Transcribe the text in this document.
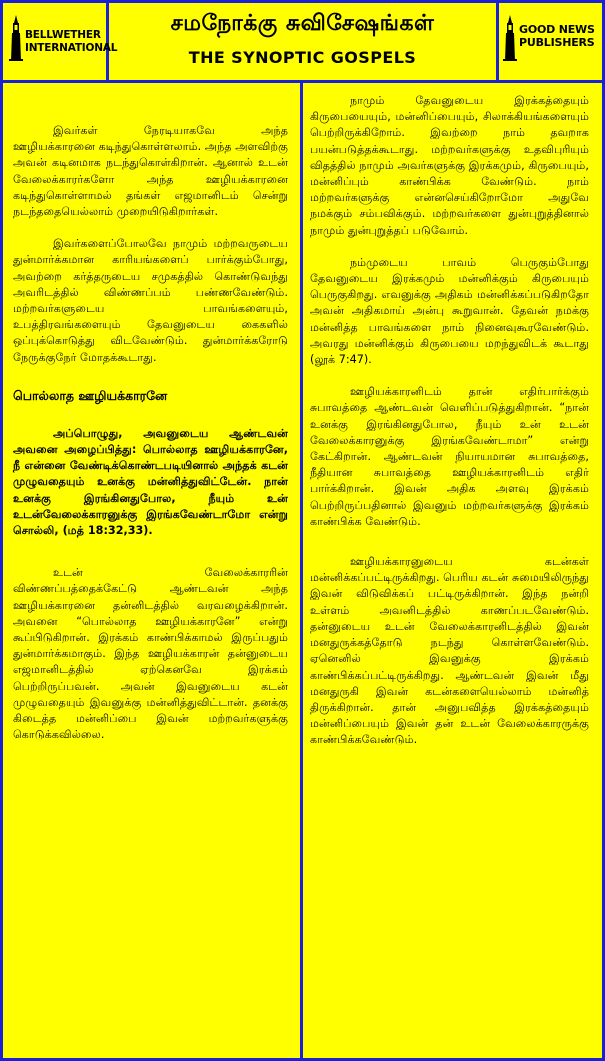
BELLWETHER
INTERNATIONAL
சமநோக்கு சுவிசேஷங்கள்
THE SYNOPTIC GOSPELS
GOOD NEWS
PUBLISHERS

இவர்கள் நேரடியாகவே அந்த ஊழியக்காரனை கடிந்துகொள்ளலாம். அந்த அளவிற்கு அவன் கடினமாக நடந்துகொள்கிறான். ஆனால் உடன் வேலைக்காரர்களோ அந்த ஊழியக்காரனை கடிந்துகொள்ளாமல் தங்கள் எஜமானிடம் சென்று நடந்ததையெல்லாம் முறையிடுகிறார்கள்.

இவர்களைப்போலவே நாமும் மற்றவருடைய துன்மார்க்கமான காரியங்களைப் பார்க்கும்போது, அவற்றை கர்த்தருடைய சமுகத்தில் கொண்டுவந்து அவரிடத்தில் விண்ணப்பம் பண்ணவேண்டும். மற்றவர்களுடைய பாவங்களையும், உபத்திரவங்களையும் தேவனுடைய கைகளில் ஒப்புக்கொடுத்து விடவேண்டும். துன்மார்க்கரோடு நேருக்குநேர் மோதக்கூடாது.

பொல்லாத ஊழியக்காரனே

அப்பொழுது, அவனுடைய ஆண்டவன் அவனை அழைப்பித்து: பொல்லாத ஊழியக்காரனே, நீ என்னை வேண்டிக்கொண்டபடியினால் அந்தக் கடன் முழுவதையும் உனக்கு மன்னித்துவிட்டேன். நான் உனக்கு இரங்கினதுபோல, நீயும் உன் உடன்வேலைக்காரனுக்கு இரங்கவேண்டாமோ என்று சொல்லி, (மத் 18:32,33).

உடன் வேலைக்காரரின் விண்ணப்பத்தைக்கேட்டு ஆண்டவன் அந்த ஊழியக்காரனை தன்னிடத்தில் வரவழைக்கிறான். அவனை “பொல்லாத ஊழியக்காரனே” என்று கூப்பிடுகிறான். இரக்கம் காண்பிக்காமல் இருப்பதும் துன்மார்க்கமாகும். இந்த ஊழியக்காரன் தன்னுடைய எஜமானிடத்தில் ஏற்கெனவே இரக்கம் பெற்றிருப்பவன். அவன் இவனுடைய கடன் முழுவதையும் இவனுக்கு மன்னித்துவிட்டான். தனக்கு கிடைத்த மன்னிப்பை இவன் மற்றவர்களுக்கு கொடுக்கவில்லை.

நாமும் தேவனுடைய இரக்கத்தையும் கிருபையையும், மன்னிப்பையும், சிலாக்கியங்களையும் பெற்றிருக்கிறோம். இவற்றை நாம் தவறாக பயன்படுத்தக்கூடாது. மற்றவர்களுக்கு உதவிபுரியும் விதத்தில் நாமும் அவர்களுக்கு இரக்கமும், கிருபையும், மன்னிப்பும் காண்பிக்க வேண்டும். நாம் மற்றவர்களுக்கு என்னசெய்கிறோமோ அதுவே நமக்கும் சம்பவிக்கும். மற்றவர்களை துன்புறுத்தினால் நாமும் துன்புறுத்தப் படுவோம்.

நம்முடைய பாவம் பெருகும்போது தேவனுடைய இரக்கமும் மன்னிக்கும் கிருபையும் பெருகுகிறது. எவனுக்கு அதிகம் மன்னிக்கப்படுகிறதோ அவன் அதிகமாய் அன்பு கூறுவான். தேவன் நமக்கு மன்னித்த பாவங்களை நாம் நினைவுகூரவேண்டும். அவரது மன்னிக்கும் கிருபையை மறந்துவிடக் கூடாது (லூக் 7:47).

ஊழியக்காரனிடம் தான் எதிர்பார்க்கும் சுபாவத்தை ஆண்டவன் வெளிப்படுத்துகிறான். “நான் உனக்கு இரங்கினதுபோல, நீயும் உன் உடன் வேலைக்காரனுக்கு இரங்கவேண்டாமா” என்று கேட்கிறான். ஆண்டவன் நியாயமான சுபாவத்தை, நீதியான சுபாவத்தை ஊழியக்காரனிடம் எதிர் பார்க்கிறான். இவன் அதிக அளவு இரக்கம் பெற்றிருப்பதினால் இவனும் மற்றவர்களுக்கு இரக்கம் காண்பிக்க வேண்டும்.

ஊழியக்காரனுடைய கடன்கள் மன்னிக்கப்பட்டிருக்கிறது. பெரிய கடன் சுமையிலிருந்து இவன் விடுவிக்கப் பட்டிருக்கிறான். இந்த நன்றி உள்ளம் அவனிடத்தில் காணப்படவேண்டும். தன்னுடைய உடன் வேலைக்காரனிடத்தில் இவன் மனதுருக்கத்தோடு நடந்து கொள்ளவேண்டும். ஏனெனில் இவனுக்கு இரக்கம் காண்பிக்கப்பட்டிருக்கிறது. ஆண்டவன் இவன் மீது மனதுருகி இவன் கடன்களையெல்லாம் மன்னித் திருக்கிறான். தான் அனுபவித்த இரக்கத்தையும் மன்னிப்பையும் இவன் தன் உடன் வேலைக்காரருக்கு காண்பிக்கவேண்டும்.
